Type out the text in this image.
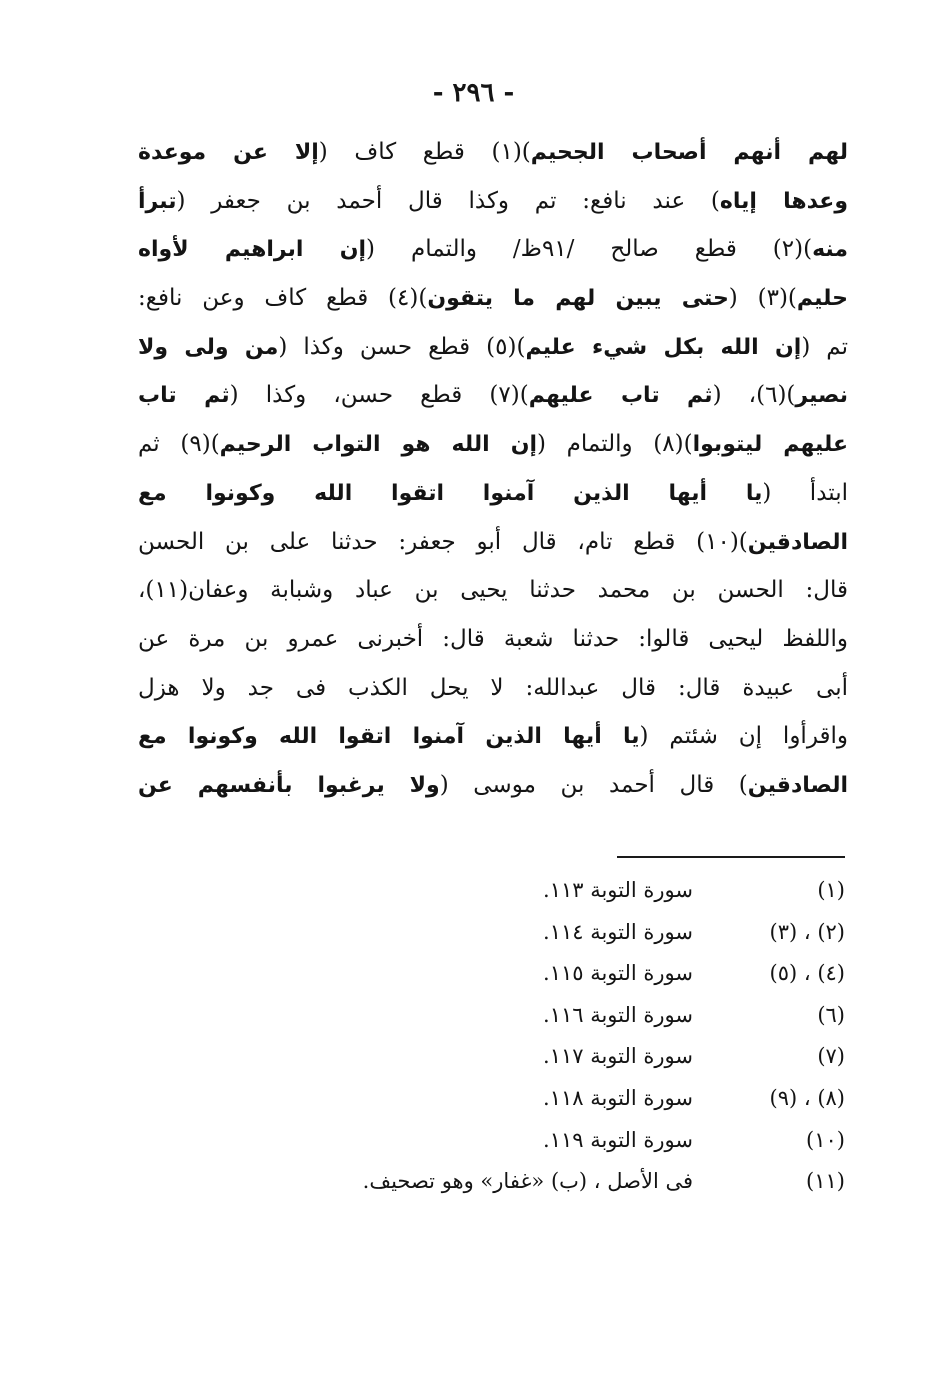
- ٢٩٦ -
لهم أنهم أصحاب الجحيم)(١) قطع كاف (إلا عن موعدة
وعدها إياه) عند نافع: تم وكذا قال أحمد بن جعفر (تبرأ
منه)(٢) قطع صالح /٩١ظ/ والتمام (إن ابراهيم لأواه
حليم)(٣) (حتى يبين لهم ما يتقون)(٤) قطع كاف وعن نافع:
تم (إن الله بكل شيء عليم)(٥) قطع حسن وكذا (من ولى ولا
نصير)(٦)، (ثم تاب عليهم)(٧) قطع حسن، وكذا (ثم تاب
عليهم ليتوبوا)(٨) والتمام (إن الله هو التواب الرحيم)(٩) ثم
ابتدأ (يا أيها الذين آمنوا اتقوا الله وكونوا مع
الصادقين)(١٠) قطع تام، قال أبو جعفر: حدثنا على بن الحسن
قال: الحسن بن محمد حدثنا يحيى بن عباد وشبابة وعفان(١١)،
واللفظ ليحيى قالوا: حدثنا شعبة قال: أخبرنى عمرو بن مرة عن
أبى عبيدة قال: قال عبدالله: لا يحل الكذب فى جد ولا هزل
واقرأوا إن شئتم (يا أيها الذين آمنوا اتقوا الله وكونوا مع
الصادقين) قال أحمد بن موسى (ولا يرغبوا بأنفسهم عن
(١)
سورة التوبة ١١٣.
(٢) ، (٣)
سورة التوبة ١١٤.
(٤) ، (٥)
سورة التوبة ١١٥.
(٦)
سورة التوبة ١١٦.
(٧)
سورة التوبة ١١٧.
(٨) ، (٩)
سورة التوبة ١١٨.
(١٠)
سورة التوبة ١١٩.
(١١)
فى الأصل ، (ب) «غفار» وهو تصحيف.
